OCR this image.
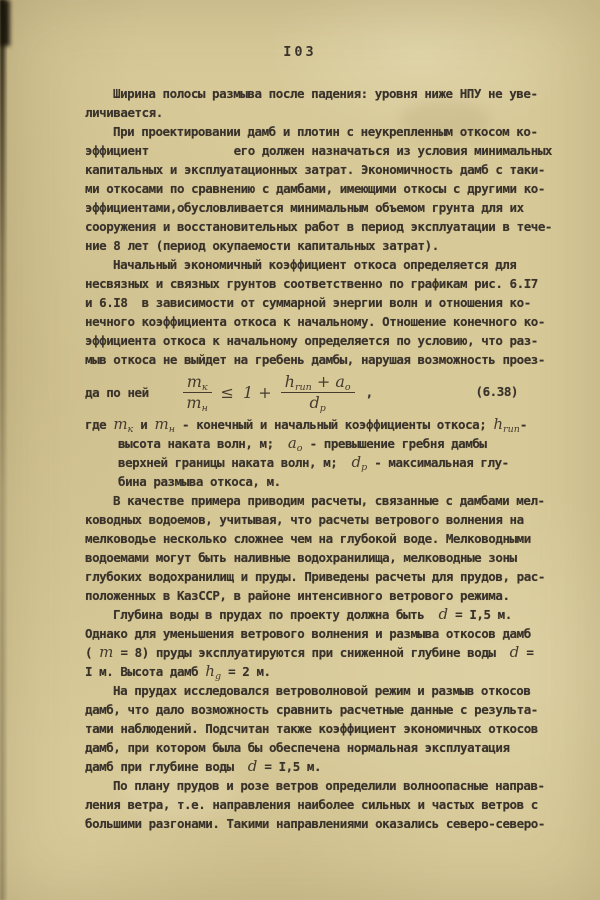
I03
Ширина полосы размыва после падения: уровня ниже НПУ не уве-
личивается.
При проектировании дамб и плотин с неукрепленным откосом ко-
эффициент            его должен назначаться из условия минимальных
капитальных и эксплуатационных затрат. Экономичность дамб с таки-
ми откосами по сравнению с дамбами, имеющими откосы с другими ко-
эффициентами,обусловливается минимальным объемом грунта для их
сооружения и восстановительных работ в период эксплуатации в тече-
ние 8 лет (период окупаемости капитальных затрат).
Начальный экономичный коэффициент откоса определяется для
несвязных и связных грунтов соответственно по графикам рис. 6.I7
и 6.I8  в зависимости от суммарной энергии волн и отношения ко-
нечного коэффициента откоса к начальному. Отношение конечного ко-
эффициента откоса к начальному определяется по условию, что раз-
мыв откоса не выйдет на гребень дамбы, нарушая возможность проез-
да по ней $\frac{m_к}{m_н} \le 1 + \frac{h_{run} + a_o}{d_p}$ ,	(6.38)
где $m_к$ и $m_н$ - конечный и начальный коэффициенты откоса; $h_{run}-$
высота наката волн, м;  $a_o$ - превышение гребня дамбы
верхней границы наката волн, м;  $d_p$ - максимальная глу-
бина размыва откоса, м.
В качестве примера приводим расчеты, связанные с дамбами мел-
ководных водоемов, учитывая, что расчеты ветрового волнения на
мелководье несколько сложнее чем на глубокой воде. Мелководными
водоемами могут быть наливные водохранилища, мелководные зоны
глубоких водохранилищ и пруды. Приведены расчеты для прудов, рас-
положенных в КазССР, в районе интенсивного ветрового режима.
Глубина воды в прудах по проекту должна быть  d = I,5 м.
Однако для уменьшения ветрового волнения и размыва откосов дамб
( m = 8) пруды эксплуатируются при сниженной глубине воды  d =
I м. Высота дамб $h_g = 2$ м.
На прудах исследовался ветроволновой режим и размыв откосов
дамб, что дало возможность сравнить расчетные данные с результа-
тами наблюдений. Подсчитан также коэффициент экономичных откосов
дамб, при котором была бы обеспечена нормальная эксплуатация
дамб при глубине воды  d = I,5 м.
По плану прудов и розе ветров определили волноопасные направ-
ления ветра, т.е. направления наиболее сильных и частых ветров с
большими разгонами. Такими направлениями оказались северо-северо-
